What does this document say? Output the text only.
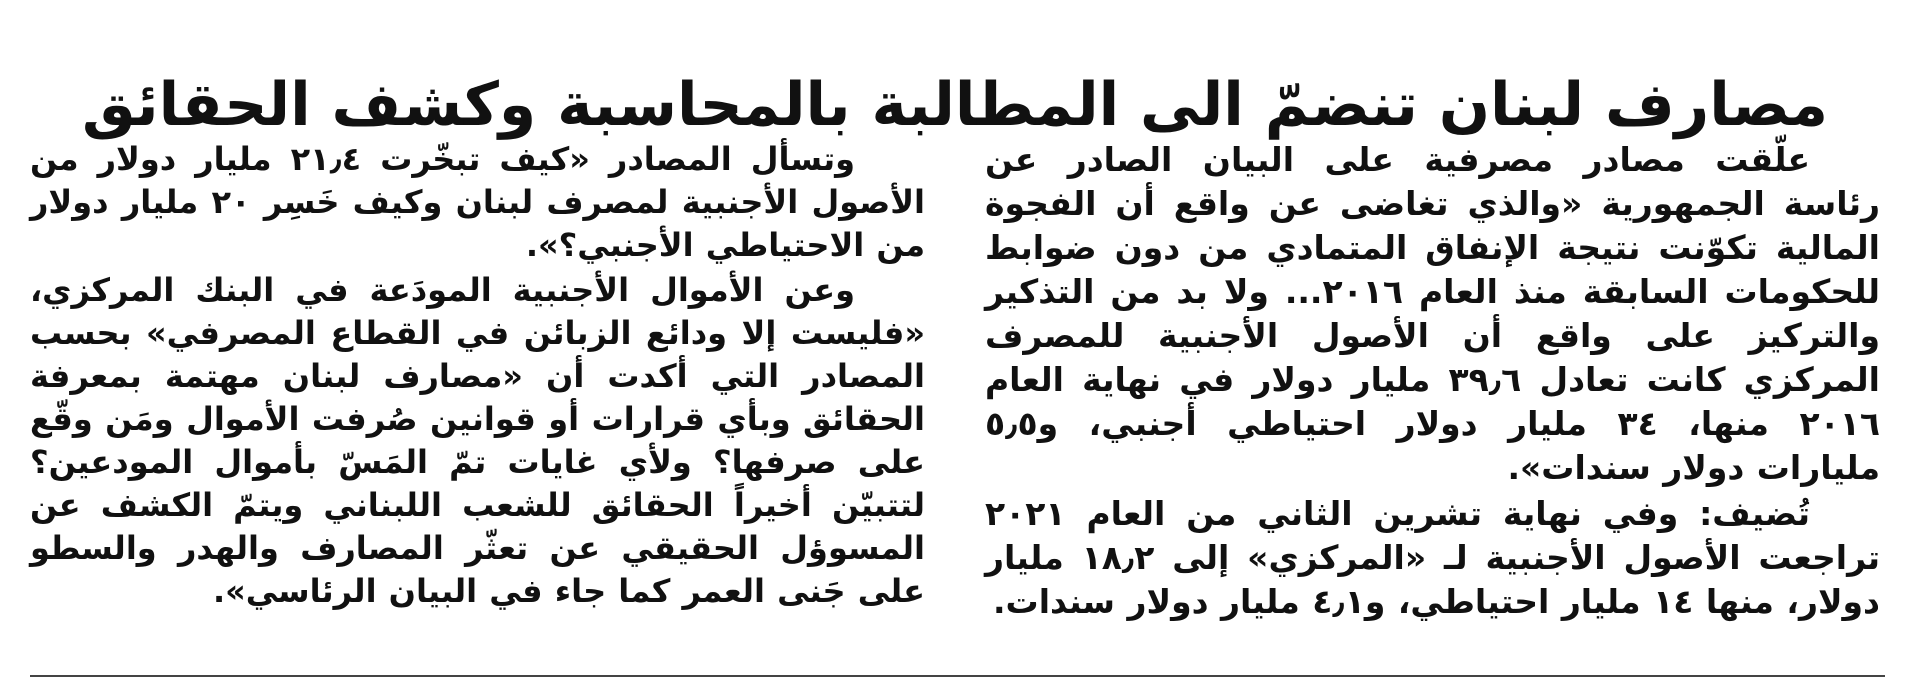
مصارف لبنان تنضمّ الى المطالبة بالمحاسبة وكشف الحقائق

علّقت مصادر مصرفية على البيان الصادر عن رئاسة الجمهورية «والذي تغاضى عن واقع أن الفجوة المالية تكوّنت نتيجة الإنفاق المتمادي من دون ضوابط للحكومات السابقة منذ العام ٢٠١٦... ولا بد من التذكير والتركيز على واقع أن الأصول الأجنبية للمصرف المركزي كانت تعادل ٣٩٫٦ مليار دولار في نهاية العام ٢٠١٦ منها، ٣٤ مليار دولار احتياطي أجنبي، و٥٫٥ مليارات دولار سندات».

تُضيف: وفي نهاية تشرين الثاني من العام ٢٠٢١ تراجعت الأصول الأجنبية لـ «المركزي» إلى ١٨٫٢ مليار دولار، منها ١٤ مليار احتياطي، و٤٫١ مليار دولار سندات.

وتسأل المصادر «كيف تبخّرت ٢١٫٤ مليار دولار من الأصول الأجنبية لمصرف لبنان وكيف خَسِر ٢٠ مليار دولار من الاحتياطي الأجنبي؟».

وعن الأموال الأجنبية المودَعة في البنك المركزي، «فليست إلا ودائع الزبائن في القطاع المصرفي» بحسب المصادر التي أكدت أن «مصارف لبنان مهتمة بمعرفة الحقائق وبأي قرارات أو قوانين صُرفت الأموال ومَن وقّع على صرفها؟ ولأي غايات تمّ المَسّ بأموال المودعين؟ لتتبيّن أخيراً الحقائق للشعب اللبناني ويتمّ الكشف عن المسوؤل الحقيقي عن تعثّر المصارف والهدر والسطو على جَنى العمر كما جاء في البيان الرئاسي».
